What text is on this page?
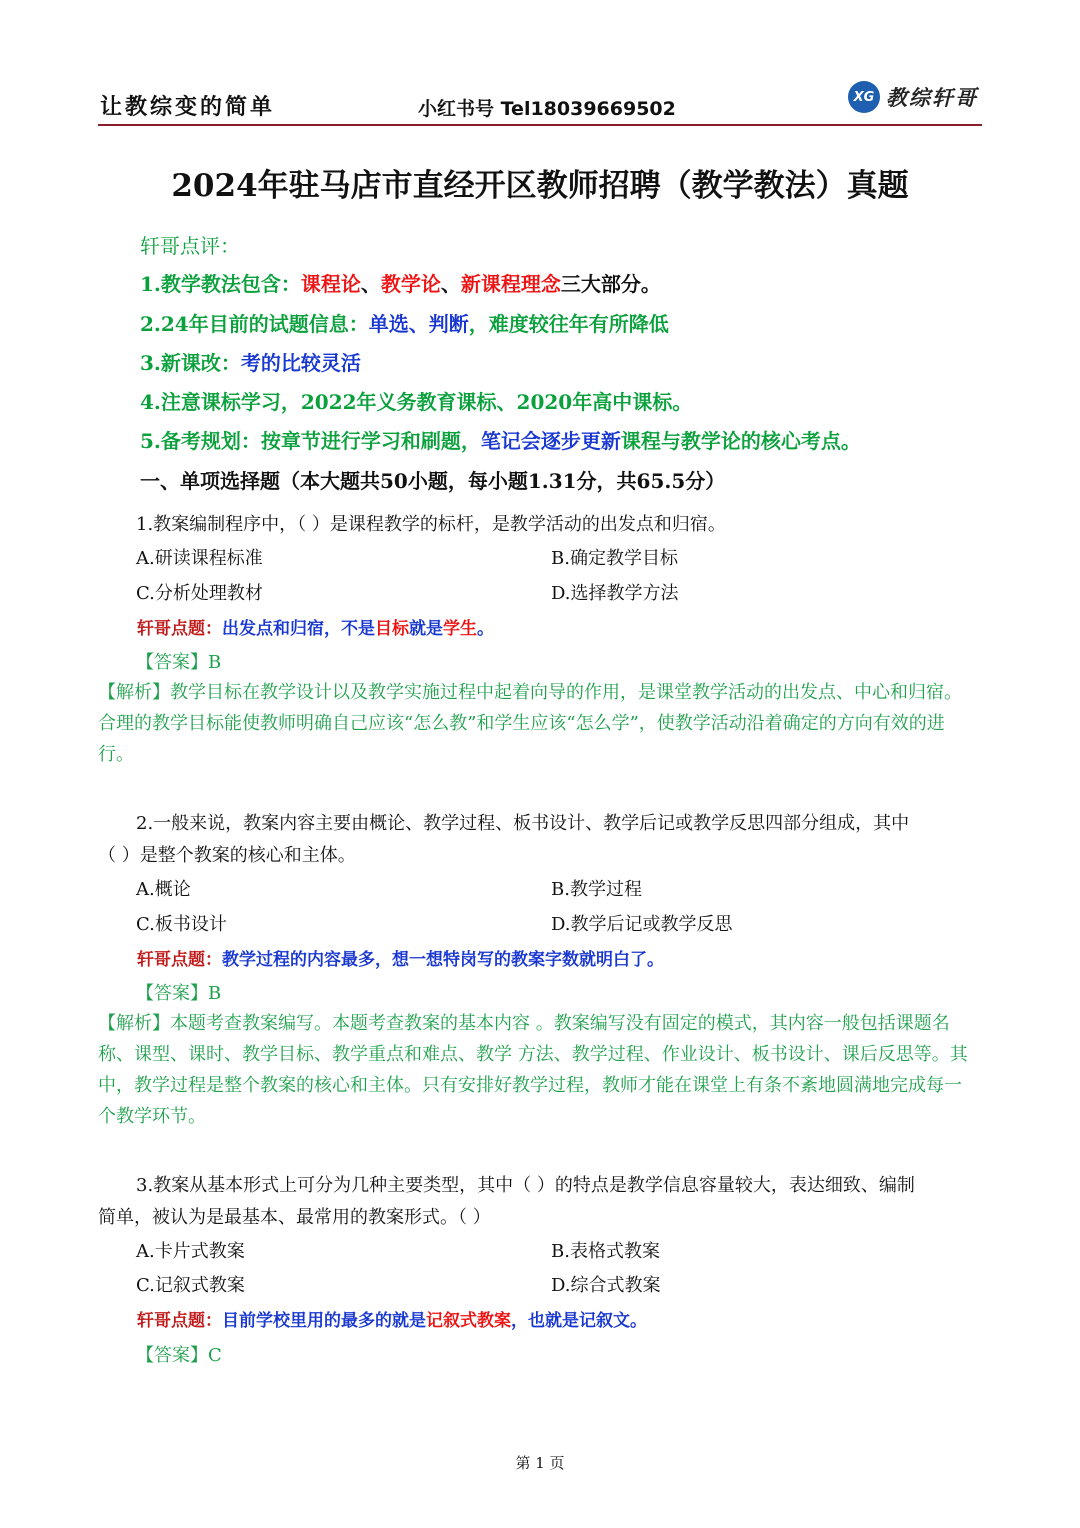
让教综变的简单	小红书号 Tel18039669502
XG 教综轩哥
2024年驻马店市直经开区教师招聘（教学教法）真题
轩哥点评：
1.教学教法包含：课程论、教学论、新课程理念三大部分。
2.24年目前的试题信息：单选、判断，难度较往年有所降低
3.新课改：考的比较灵活
4.注意课标学习，2022年义务教育课标、2020年高中课标。
5.备考规划：按章节进行学习和刷题，笔记会逐步更新课程与教学论的核心考点。
一、单项选择题（本大题共50小题，每小题1.31分，共65.5分）
1.教案编制程序中，（ ）是课程教学的标杆，是教学活动的出发点和归宿。
A.研读课程标准	B.确定教学目标
C.分析处理教材	D.选择教学方法
轩哥点题：出发点和归宿，不是目标就是学生。
【答案】B
【解析】教学目标在教学设计以及教学实施过程中起着向导的作用，是课堂教学活动的出发点、中心和归宿。合理的教学目标能使教师明确自己应该“怎么教”和学生应该“怎么学”，使教学活动沿着确定的方向有效的进行。
2.一般来说，教案内容主要由概论、教学过程、板书设计、教学后记或教学反思四部分组成，其中
（ ）是整个教案的核心和主体。
A.概论	B.教学过程
C.板书设计	D.教学后记或教学反思
轩哥点题：教学过程的内容最多，想一想特岗写的教案字数就明白了。
【答案】B
【解析】本题考查教案编写。本题考查教案的基本内容 。教案编写没有固定的模式，其内容一般包括课题名称、课型、课时、教学目标、教学重点和难点、教学 方法、教学过程、作业设计、板书设计、课后反思等。其中，教学过程是整个教案的核心和主体。只有安排好教学过程，教师才能在课堂上有条不紊地圆满地完成每一个教学环节。
3.教案从基本形式上可分为几种主要类型，其中（ ）的特点是教学信息容量较大，表达细致、编制
简单，被认为是最基本、最常用的教案形式。（ ）
A.卡片式教案	B.表格式教案
C.记叙式教案	D.综合式教案
轩哥点题：目前学校里用的最多的就是记叙式教案，也就是记叙文。
【答案】C
第 1 页
